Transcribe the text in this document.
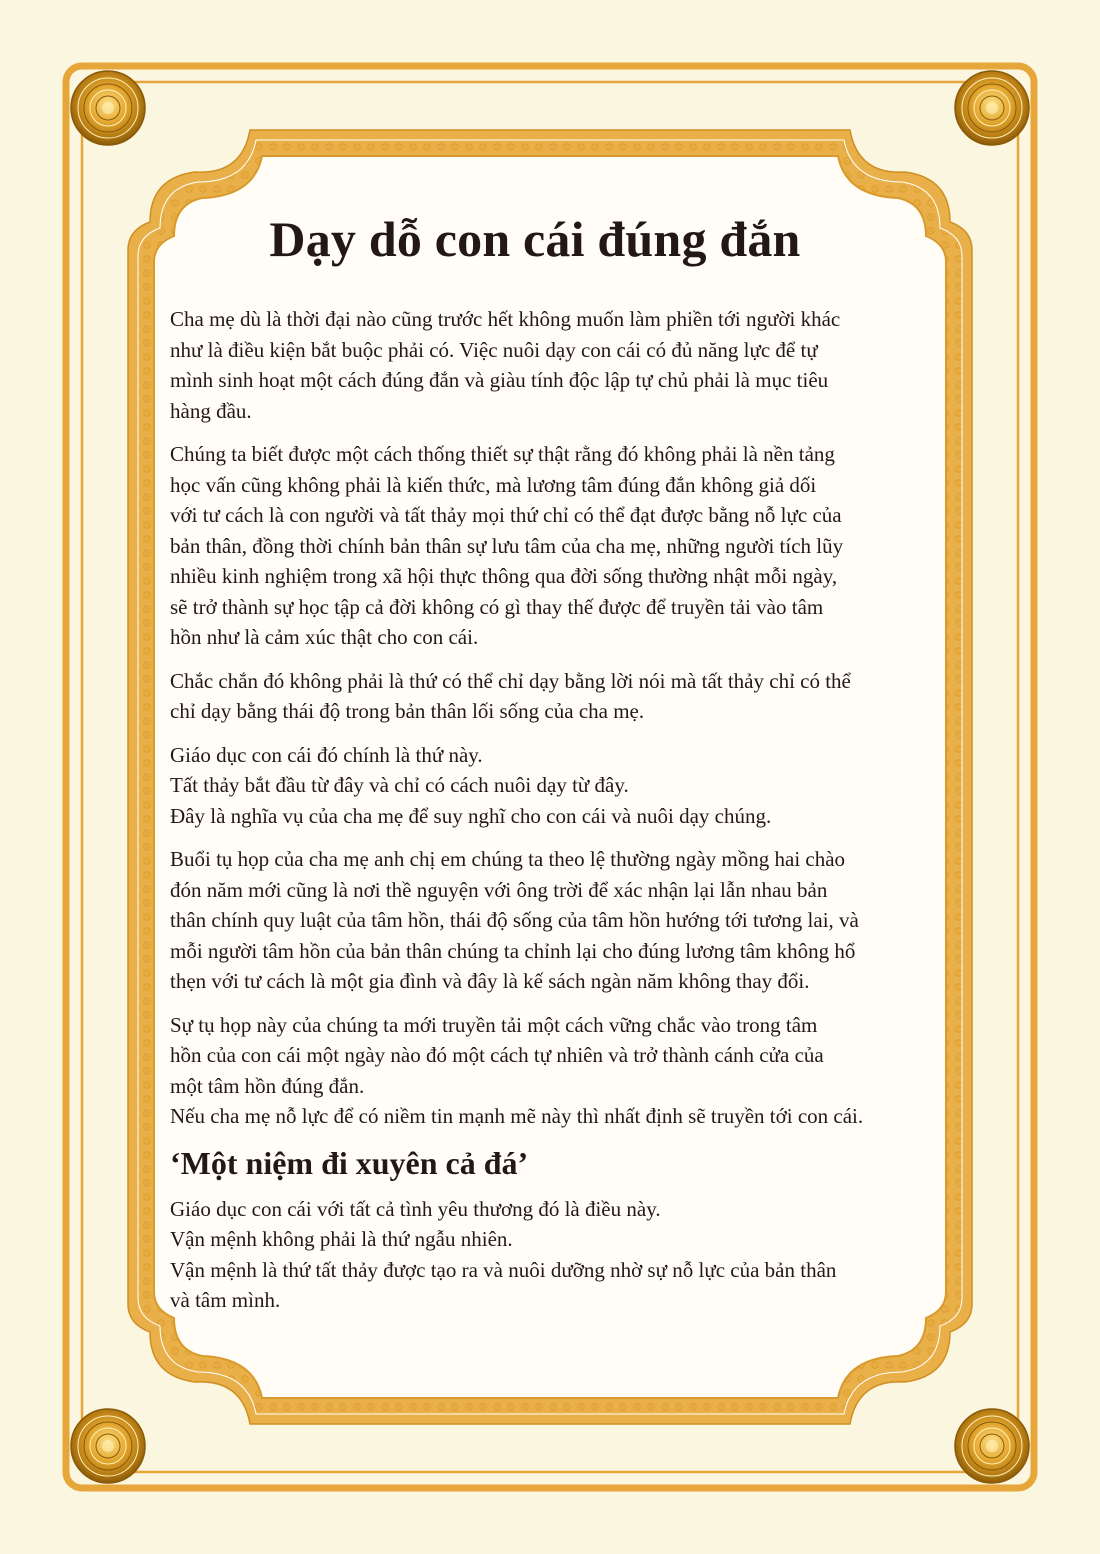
Dạy dỗ con cái đúng đắn

Cha mẹ dù là thời đại nào cũng trước hết không muốn làm phiền tới người khác
như là điều kiện bắt buộc phải có. Việc nuôi dạy con cái có đủ năng lực để tự
mình sinh hoạt một cách đúng đắn và giàu tính độc lập tự chủ phải là mục tiêu
hàng đầu.

Chúng ta biết được một cách thống thiết sự thật rằng đó không phải là nền tảng
học vấn cũng không phải là kiến thức, mà lương tâm đúng đắn không giả dối
với tư cách là con người và tất thảy mọi thứ chỉ có thể đạt được bằng nỗ lực của
bản thân, đồng thời chính bản thân sự lưu tâm của cha mẹ, những người tích lũy
nhiều kinh nghiệm trong xã hội thực thông qua đời sống thường nhật mỗi ngày,
sẽ trở thành sự học tập cả đời không có gì thay thế được để truyền tải vào tâm
hồn như là cảm xúc thật cho con cái.

Chắc chắn đó không phải là thứ có thể chỉ dạy bằng lời nói mà tất thảy chỉ có thể
chỉ dạy bằng thái độ trong bản thân lối sống của cha mẹ.

Giáo dục con cái đó chính là thứ này.
Tất thảy bắt đầu từ đây và chỉ có cách nuôi dạy từ đây.
Đây là nghĩa vụ của cha mẹ để suy nghĩ cho con cái và nuôi dạy chúng.

Buổi tụ họp của cha mẹ anh chị em chúng ta theo lệ thường ngày mồng hai chào
đón năm mới cũng là nơi thề nguyện với ông trời để xác nhận lại lẫn nhau bản
thân chính quy luật của tâm hồn, thái độ sống của tâm hồn hướng tới tương lai, và
mỗi người tâm hồn của bản thân chúng ta chỉnh lại cho đúng lương tâm không hổ
thẹn với tư cách là một gia đình và đây là kế sách ngàn năm không thay đổi.

Sự tụ họp này của chúng ta mới truyền tải một cách vững chắc vào trong tâm
hồn của con cái một ngày nào đó một cách tự nhiên và trở thành cánh cửa của
một tâm hồn đúng đắn.
Nếu cha mẹ nỗ lực để có niềm tin mạnh mẽ này thì nhất định sẽ truyền tới con cái.

‘Một niệm đi xuyên cả đá’

Giáo dục con cái với tất cả tình yêu thương đó là điều này.
Vận mệnh không phải là thứ ngẫu nhiên.
Vận mệnh là thứ tất thảy được tạo ra và nuôi dưỡng nhờ sự nỗ lực của bản thân
và tâm mình.
